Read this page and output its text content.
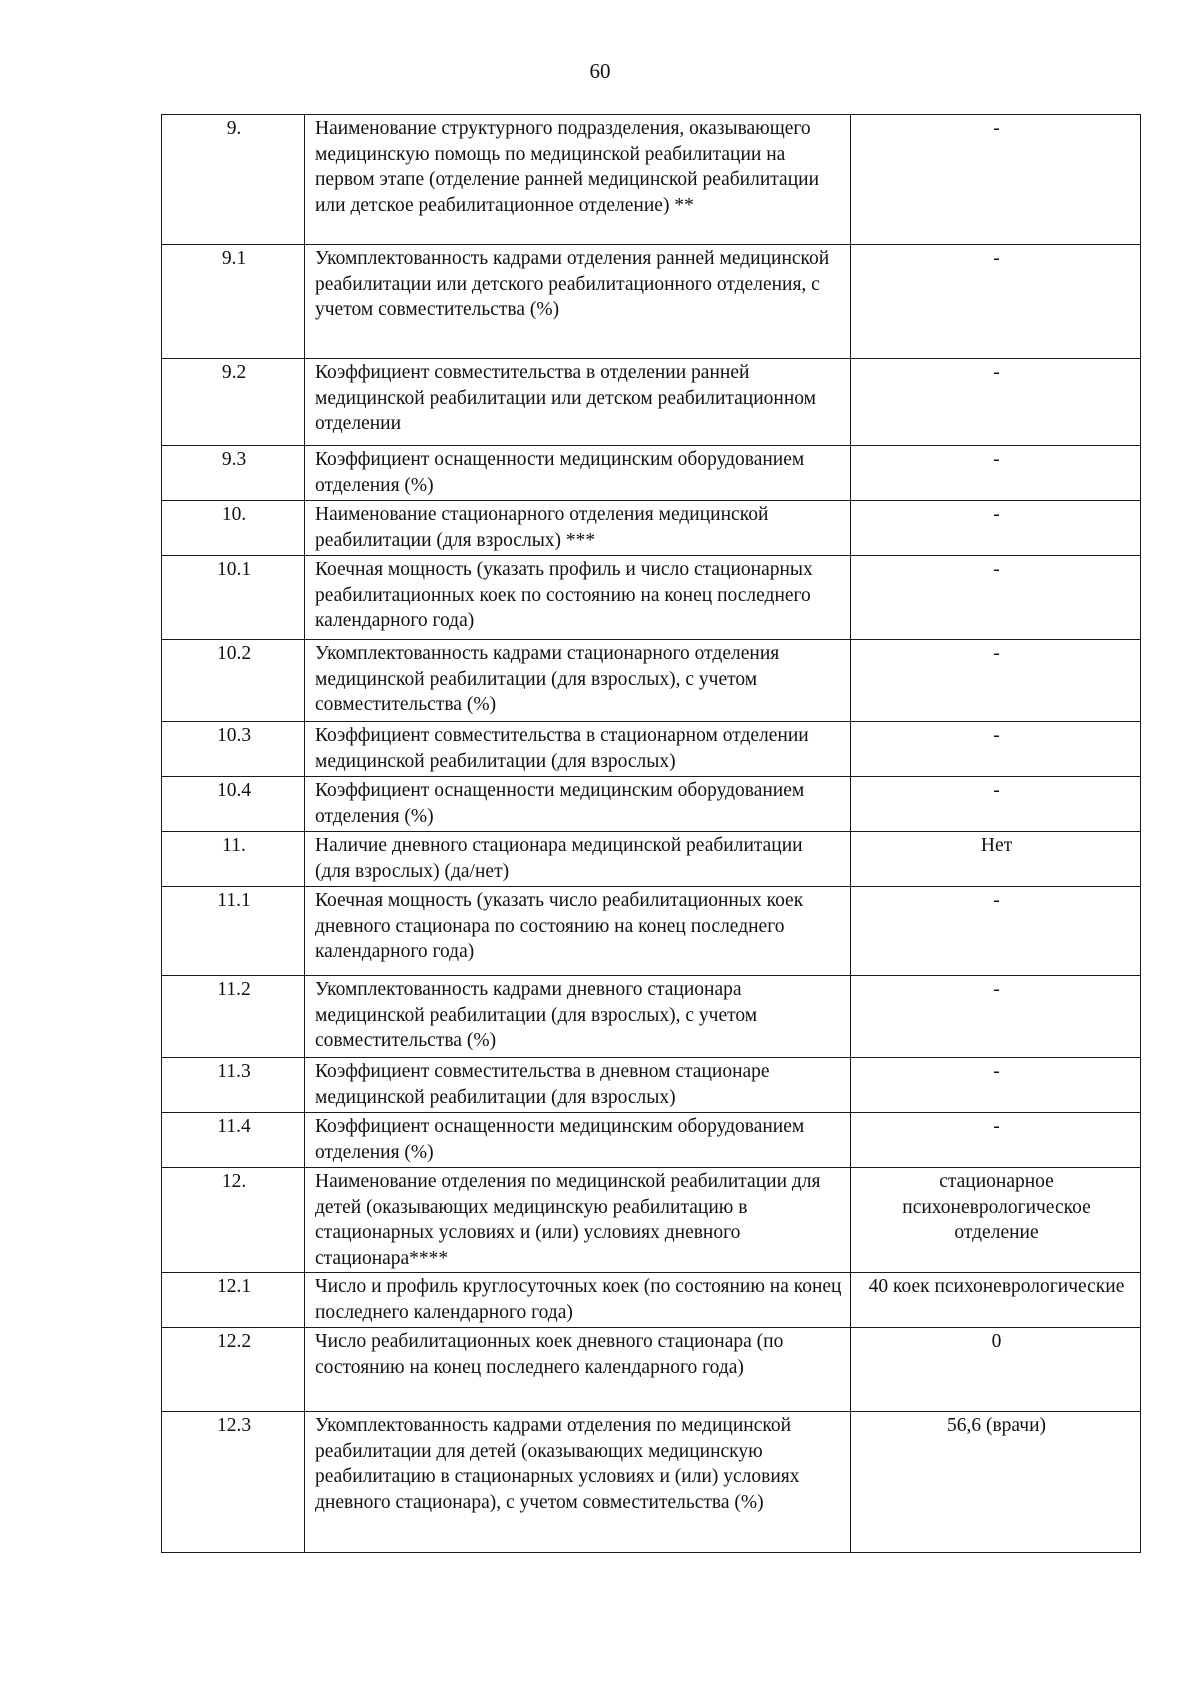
60
9.	Наименование структурного подразделения, оказывающего медицинскую помощь по медицинской реабилитации на первом этапе (отделение ранней медицинской реабилитации или детское реабилитационное отделение) **	-
9.1	Укомплектованность кадрами отделения ранней медицинской реабилитации или детского реабилитационного отделения, с учетом совместительства (%)	-
9.2	Коэффициент совместительства в отделении ранней медицинской реабилитации или детском реабилитационном отделении	-
9.3	Коэффициент оснащенности медицинским оборудованием отделения (%)	-
10.	Наименование стационарного отделения медицинской реабилитации (для взрослых) ***	-
10.1	Коечная мощность (указать профиль и число стационарных реабилитационных коек по состоянию на конец последнего календарного года)	-
10.2	Укомплектованность кадрами стационарного отделения медицинской реабилитации (для взрослых), с учетом совместительства (%)	-
10.3	Коэффициент совместительства в стационарном отделении медицинской реабилитации (для взрослых)	-
10.4	Коэффициент оснащенности медицинским оборудованием отделения (%)	-
11.	Наличие дневного стационара медицинской реабилитации (для взрослых) (да/нет)	Нет
11.1	Коечная мощность (указать число реабилитационных коек дневного стационара по состоянию на конец последнего календарного года)	-
11.2	Укомплектованность кадрами дневного стационара медицинской реабилитации (для взрослых), с учетом совместительства (%)	-
11.3	Коэффициент совместительства в дневном стационаре медицинской реабилитации (для взрослых)	-
11.4	Коэффициент оснащенности медицинским оборудованием отделения (%)	-
12.	Наименование отделения по медицинской реабилитации для детей (оказывающих медицинскую реабилитацию в стационарных условиях и (или) условиях дневного стационара****	стационарное психоневрологическое отделение
12.1	Число и профиль круглосуточных коек (по состоянию на конец последнего календарного года)	40 коек психоневрологические
12.2	Число реабилитационных коек дневного стационара (по состоянию на конец последнего календарного года)	0
12.3	Укомплектованность кадрами отделения по медицинской реабилитации для детей (оказывающих медицинскую реабилитацию в стационарных условиях и (или) условиях дневного стационара), с учетом совместительства (%)	56,6 (врачи)
